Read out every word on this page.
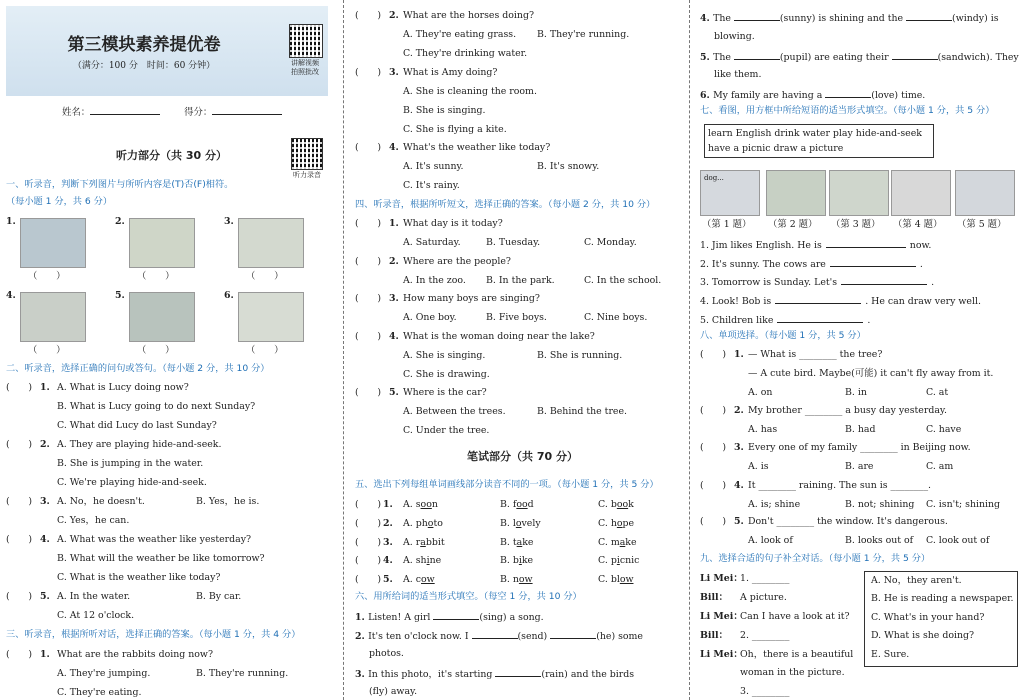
第三模块素养提优卷
（满分：100 分　时间：60 分钟）	讲解视频
拍照批改
姓名：	得分：
听力部分（共 30 分）
听力录音
一、听录音，判断下列图片与所听内容是(T)否(F)相符。
（每小题 1 分，共 6 分）
1.
（　　）
2.
（　　）
3.
（　　）
4.
（　　）
5.
（　　）
6.
（　　）
二、听录音，选择正确的问句或答句。（每小题 2 分，共 10 分）
(　　) 1. A. What is Lucy doing now?
B. What is Lucy going to do next Sunday?
C. What did Lucy do last Sunday?
(　　) 2. A. They are playing hide-and-seek.
B. She is jumping in the water.
C. We're playing hide-and-seek.
(　　) 3. A. No，he doesn't.	B. Yes，he is.
C. Yes，he can.
(　　) 4. A. What was the weather like yesterday?
B. What will the weather be like tomorrow?
C. What is the weather like today?
(　　) 5. A. In the water.	B. By car.
C. At 12 o'clock.
三、听录音，根据所听对话，选择正确的答案。（每小题 1 分，共 4 分）
(　　) 1. What are the rabbits doing now?
A. They're jumping.	B. They're running.
C. They're eating.
(　　) 2. What are the horses doing?
A. They're eating grass. B. They're running.
C. They're drinking water.
(　　) 3. What is Amy doing?
A. She is cleaning the room.
B. She is singing.
C. She is flying a kite.
(　　) 4. What's the weather like today?
A. It's sunny.	B. It's snowy.
C. It's rainy.
四、听录音，根据所听短文，选择正确的答案。（每小题 2 分，共 10 分）
(　　) 1. What day is it today?
A. Saturday.	B. Tuesday.	C. Monday.
(　　) 2. Where are the people?
A. In the zoo. B. In the park.	C. In the school.
(　　) 3. How many boys are singing?
A. One boy.	B. Five boys.	C. Nine boys.
(　　) 4. What is the woman doing near the lake?
A. She is singing.	B. She is running.
C. She is drawing.
(　　) 5. Where is the car?
A. Between the trees.	B. Behind the tree.
C. Under the tree.
笔试部分（共 70 分）
五、选出下列每组单词画线部分读音不同的一项。（每小题 1 分，共 5 分）
(　　) 1. A. soon	B. food	C. book
(　　) 2. A. photo	B. lovely	C. hope
(　　) 3. A. rabbit	B. take	C. make
(　　) 4. A. shine	B. bike	C. picnic
(　　) 5. A. cow	B. now	C. blow
六、用所给词的适当形式填空。（每空 1 分，共 10 分）
1. Listen! A girl	(sing) a song.
2. It's ten o'clock now. I	(send)	(he) some
photos.
3. In this photo，it's starting	(rain) and the birds
(fly) away.
4. The	(sunny) is shining and the	(windy) is
blowing.
5. The	(pupil) are eating their	(sandwich). They
like them.
6. My family are having a	(love) time.
七、看图，用方框中所给短语的适当形式填空。（每小题 1 分，共 5 分）
learn English drink water play hide-and-seek
have a picnic draw a picture
（第 1 题） （第 2 题） （第 3 题） （第 4 题） （第 5 题）
dog...
1. Jim likes English. He is	now.
2. It's sunny. The cows are	.
3. Tomorrow is Sunday. Let's	.
4. Look! Bob is	. He can draw very well.
5. Children like	.
八、单项选择。（每小题 1 分，共 5 分）
(　　) 1. — What is ________ the tree?
— A cute bird. Maybe(可能) it can't fly away from it.
A. on	B. in	C. at
(　　) 2. My brother ________ a busy day yesterday.
A. has	B. had	C. have
(　　) 3. Every one of my family ________ in Beijing now.
A. is	B. are	C. am
(　　) 4. It ________ raining. The sun is ________.
A. is; shine	B. not; shining C. isn't; shining
(　　) 5. Don't ________ the window. It's dangerous.
A. look of	B. looks out of C. look out of
九、选择合适的句子补全对话。（每小题 1 分，共 5 分）
Li Mei：
1. ________
Bill： A picture.
Li Mei：
Can I have a look at it?
Bill： 2. ________
Li Mei：
Oh，there is a beautiful
woman in the picture.
3. ________
A. No，they aren't.
B. He is reading a newspaper.
C. What's in your hand?
D. What is she doing?
E. Sure.
